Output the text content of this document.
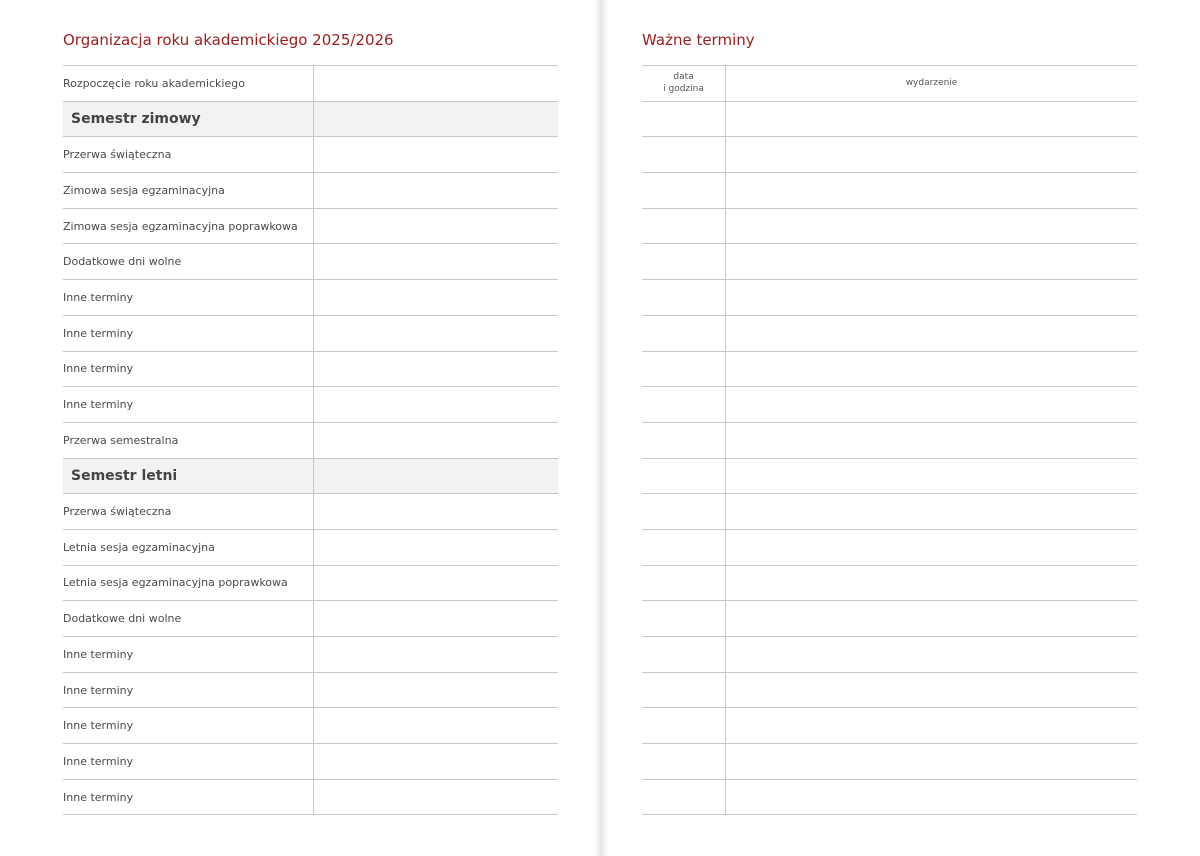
Organizacja roku akademickiego 2025/2026
Rozpoczęcie roku akademickiego
Semestr zimowy
Przerwa świąteczna
Zimowa sesja egzaminacyjna
Zimowa sesja egzaminacyjna poprawkowa
Dodatkowe dni wolne
Inne terminy
Inne terminy
Inne terminy
Inne terminy
Przerwa semestralna
Semestr letni
Przerwa świąteczna
Letnia sesja egzaminacyjna
Letnia sesja egzaminacyjna poprawkowa
Dodatkowe dni wolne
Inne terminy
Inne terminy
Inne terminy
Inne terminy
Inne terminy
Ważne terminy
data
i godzina
wydarzenie
